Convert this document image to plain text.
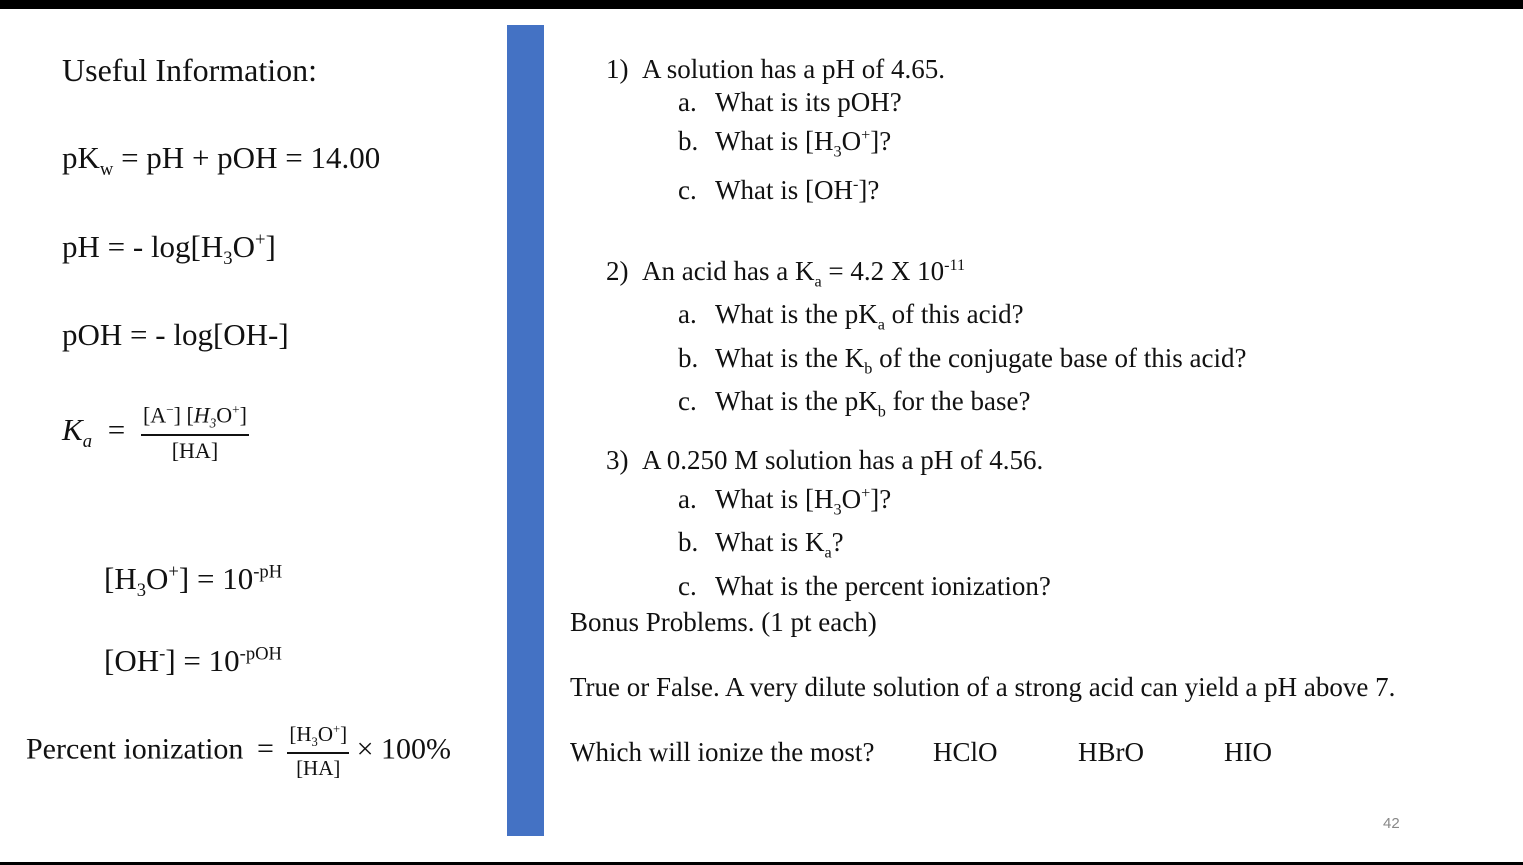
Useful Information:
$pK_w$ = pH + pOH = 14.00
pH = - $\log[H_3O^+]$
pOH = - log[OH-]
$K_a = \frac{[A^-] [H_3O^+]}{[HA]}$
$[H_3O^+] = 10^{-pH}$
$[OH^-] = 10^{-pOH}$
Percent ionization = $\frac{[H_3O^+]}{[HA]} \times 100\%$
1) A solution has a pH of 4.65.
a. What is its pOH?
b. What is $[H_3O^+]$?
c. What is [OH-]?
2) An acid has a $K_a = 4.2$ X $10^{-11}$
a. What is the $pK_a$ of this acid?
b. What is the $K_b$ of the conjugate base of this acid?
c. What is the $pK_b$ for the base?
3) A 0.250 M solution has a pH of 4.56.
a. What is $[H_3O^+]$?
b. What is $K_a$?
c. What is the percent ionization?
Bonus Problems. (1 pt each)
True or False. A very dilute solution of a strong acid can yield a pH above 7.
Which will ionize the most? HClO	HBrO	HIO
42
